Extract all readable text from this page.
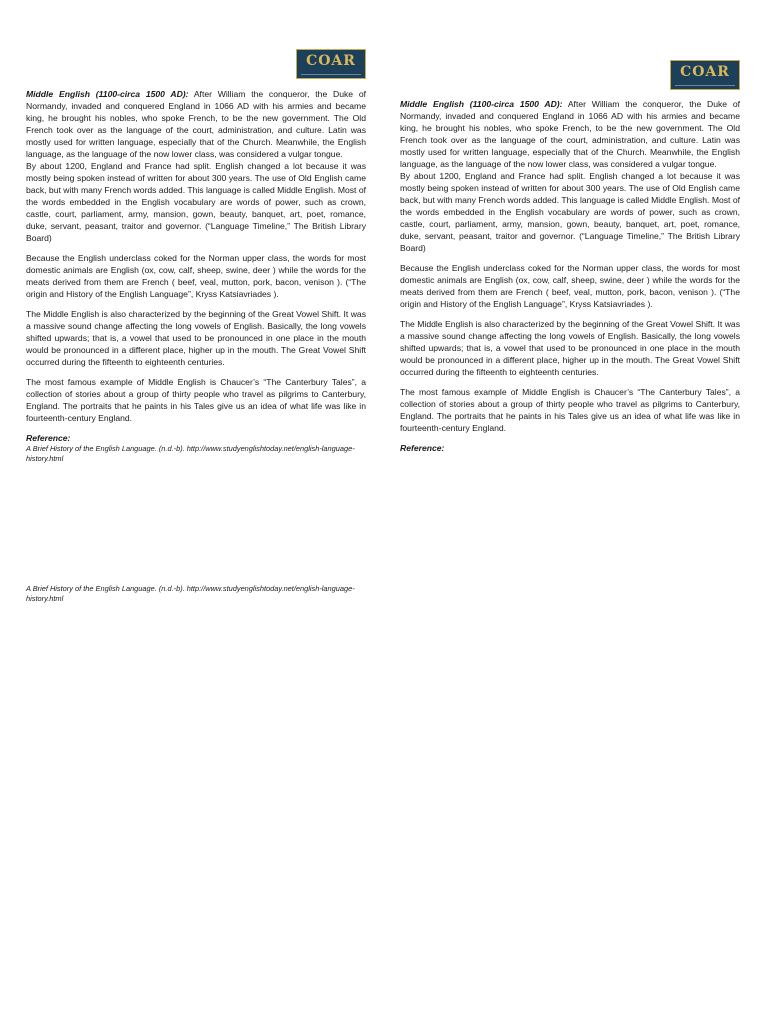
COAR

Middle English (1100-circa 1500 AD): After William the conqueror, the Duke of Normandy, invaded and conquered England in 1066 AD with his armies and became king, he brought his nobles, who spoke French, to be the new government. The Old French took over as the language of the court, administration, and culture. Latin was mostly used for written language, especially that of the Church. Meanwhile, the English language, as the language of the now lower class, was considered a vulgar tongue.

By about 1200, England and France had split. English changed a lot because it was mostly being spoken instead of written for about 300 years. The use of Old English came back, but with many French words added. This language is called Middle English. Most of the words embedded in the English vocabulary are words of power, such as crown, castle, court, parliament, army, mansion, gown, beauty, banquet, art, poet, romance, duke, servant, peasant, traitor and governor. (“Language Timeline,” The British Library Board)

Because the English underclass coked for the Norman upper class, the words for most domestic animals are English (ox, cow, calf, sheep, swine, deer ) while the words for the meats derived from them are French ( beef, veal, mutton, pork, bacon, venison ). (“The origin and History of the English Language”, Kryss Katsiavriades ).

The Middle English is also characterized by the beginning of the Great Vowel Shift. It was a massive sound change affecting the long vowels of English. Basically, the long vowels shifted upwards; that is, a vowel that used to be pronounced in one place in the mouth would be pronounced in a different place, higher up in the mouth. The Great Vowel Shift occurred during the fifteenth to eighteenth centuries.

The most famous example of Middle English is Chaucer’s “The Canterbury Tales”, a collection of stories about a group of thirty people who travel as pilgrims to Canterbury, England. The portraits that he paints in his Tales give us an idea of what life was like in fourteenth-century England.

Reference:
A Brief History of the English Language. (n.d.-b). http://www.studyenglishtoday.net/english-language-history.html
A Brief History of the English Language. (n.d.-b). http://www.studyenglishtoday.net/english-language-history.html
COAR

Middle English (1100-circa 1500 AD): After William the conqueror, the Duke of Normandy, invaded and conquered England in 1066 AD with his armies and became king, he brought his nobles, who spoke French, to be the new government. The Old French took over as the language of the court, administration, and culture. Latin was mostly used for written language, especially that of the Church. Meanwhile, the English language, as the language of the now lower class, was considered a vulgar tongue.

By about 1200, England and France had split. English changed a lot because it was mostly being spoken instead of written for about 300 years. The use of Old English came back, but with many French words added. This language is called Middle English. Most of the words embedded in the English vocabulary are words of power, such as crown, castle, court, parliament, army, mansion, gown, beauty, banquet, art, poet, romance, duke, servant, peasant, traitor and governor. (“Language Timeline,” The British Library Board)

Because the English underclass coked for the Norman upper class, the words for most domestic animals are English (ox, cow, calf, sheep, swine, deer ) while the words for the meats derived from them are French ( beef, veal, mutton, pork, bacon, venison ). (“The origin and History of the English Language”, Kryss Katsiavriades ).

The Middle English is also characterized by the beginning of the Great Vowel Shift. It was a massive sound change affecting the long vowels of English. Basically, the long vowels shifted upwards; that is, a vowel that used to be pronounced in one place in the mouth would be pronounced in a different place, higher up in the mouth. The Great Vowel Shift occurred during the fifteenth to eighteenth centuries.

The most famous example of Middle English is Chaucer’s “The Canterbury Tales”, a collection of stories about a group of thirty people who travel as pilgrims to Canterbury, England. The portraits that he paints in his Tales give us an idea of what life was like in fourteenth-century England.

Reference:
